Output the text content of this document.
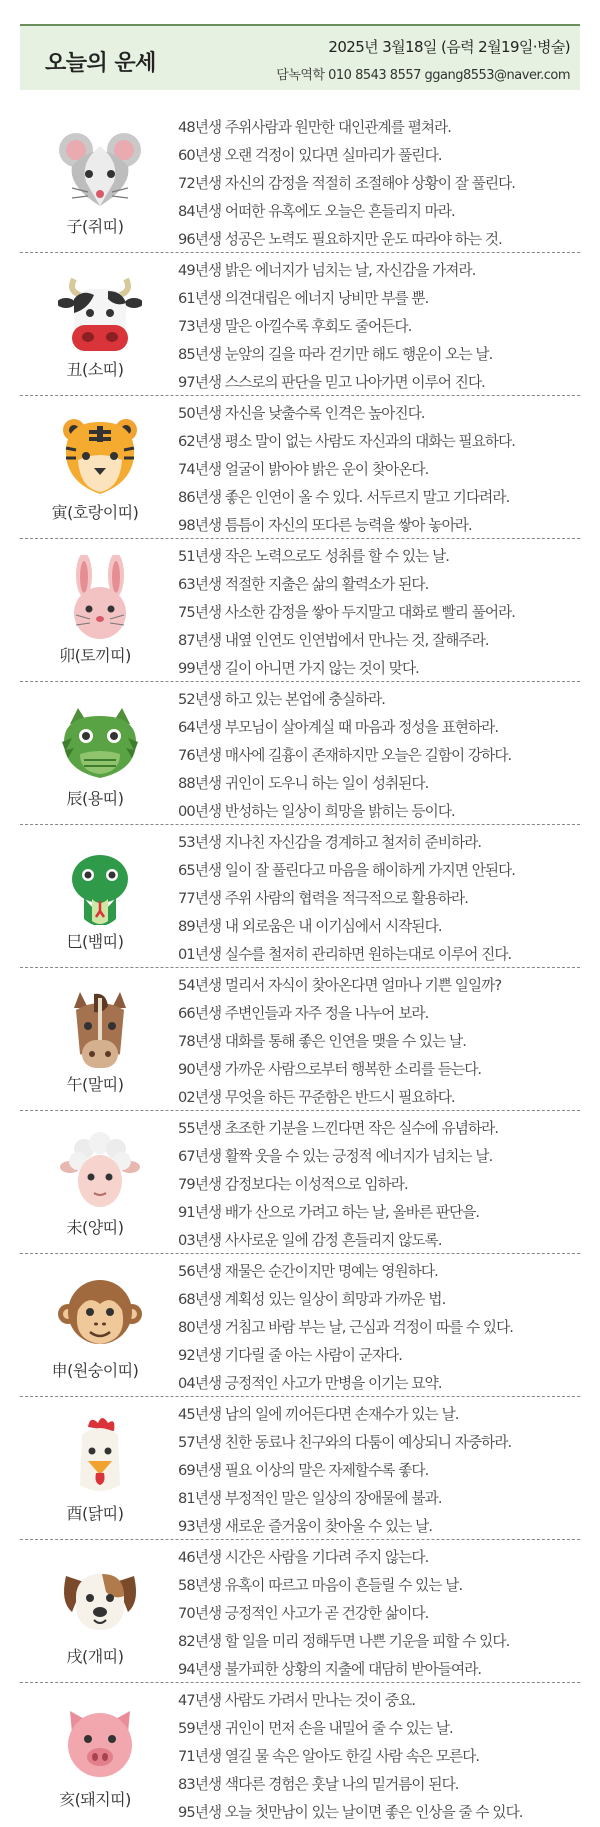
오늘의 운세
2025년 3월18일 (음력 2월19일·병술)
담녹역학 010 8543 8557 ggang8553@naver.com
子(쥐띠)
48년생 주위사람과 원만한 대인관계를 펼쳐라.
60년생 오랜 걱정이 있다면 실마리가 풀린다.
72년생 자신의 감정을 적절히 조절해야 상황이 잘 풀린다.
84년생 어떠한 유혹에도 오늘은 흔들리지 마라.
96년생 성공은 노력도 필요하지만 운도 따라야 하는 것.
丑(소띠)
49년생 밝은 에너지가 넘치는 날, 자신감을 가져라.
61년생 의견대립은 에너지 낭비만 부를 뿐.
73년생 말은 아낄수록 후회도 줄어든다.
85년생 눈앞의 길을 따라 걷기만 해도 행운이 오는 날.
97년생 스스로의 판단을 믿고 나아가면 이루어 진다.
寅(호랑이띠)
50년생 자신을 낮출수록 인격은 높아진다.
62년생 평소 말이 없는 사람도 자신과의 대화는 필요하다.
74년생 얼굴이 밝아야 밝은 운이 찾아온다.
86년생 좋은 인연이 올 수 있다. 서두르지 말고 기다려라.
98년생 틈틈이 자신의 또다른 능력을 쌓아 놓아라.
卯(토끼띠)
51년생 작은 노력으로도 성취를 할 수 있는 날.
63년생 적절한 지출은 삶의 활력소가 된다.
75년생 사소한 감정을 쌓아 두지말고 대화로 빨리 풀어라.
87년생 내옆 인연도 인연법에서 만나는 것, 잘해주라.
99년생 길이 아니면 가지 않는 것이 맞다.
辰(용띠)
52년생 하고 있는 본업에 충실하라.
64년생 부모님이 살아계실 때 마음과 정성을 표현하라.
76년생 매사에 길흉이 존재하지만 오늘은 길함이 강하다.
88년생 귀인이 도우니 하는 일이 성취된다.
00년생 반성하는 일상이 희망을 밝히는 등이다.
巳(뱀띠)
53년생 지나친 자신감을 경계하고 철저히 준비하라.
65년생 일이 잘 풀린다고 마음을 해이하게 가지면 안된다.
77년생 주위 사람의 협력을 적극적으로 활용하라.
89년생 내 외로움은 내 이기심에서 시작된다.
01년생 실수를 철저히 관리하면 원하는대로 이루어 진다.
午(말띠)
54년생 멀리서 자식이 찾아온다면 얼마나 기쁜 일일까?
66년생 주변인들과 자주 정을 나누어 보라.
78년생 대화를 통해 좋은 인연을 맺을 수 있는 날.
90년생 가까운 사람으로부터 행복한 소리를 듣는다.
02년생 무엇을 하든 꾸준함은 반드시 필요하다.
未(양띠)
55년생 초조한 기분을 느낀다면 작은 실수에 유념하라.
67년생 활짝 웃을 수 있는 긍정적 에너지가 넘치는 날.
79년생 감정보다는 이성적으로 임하라.
91년생 배가 산으로 가려고 하는 날, 올바른 판단을.
03년생 사사로운 일에 감정 흔들리지 않도록.
申(원숭이띠)
56년생 재물은 순간이지만 명예는 영원하다.
68년생 계획성 있는 일상이 희망과 가까운 법.
80년생 거침고 바람 부는 날, 근심과 걱정이 따를 수 있다.
92년생 기다릴 줄 아는 사람이 군자다.
04년생 긍정적인 사고가 만병을 이기는 묘약.
酉(닭띠)
45년생 남의 일에 끼어든다면 손재수가 있는 날.
57년생 친한 동료나 친구와의 다툼이 예상되니 자중하라.
69년생 필요 이상의 말은 자제할수록 좋다.
81년생 부정적인 말은 일상의 장애물에 불과.
93년생 새로운 즐거움이 찾아올 수 있는 날.
戌(개띠)
46년생 시간은 사람을 기다려 주지 않는다.
58년생 유혹이 따르고 마음이 흔들릴 수 있는 날.
70년생 긍정적인 사고가 곧 건강한 삶이다.
82년생 할 일을 미리 정해두면 나쁜 기운을 피할 수 있다.
94년생 불가피한 상황의 지출에 대담히 받아들여라.
亥(돼지띠)
47년생 사람도 가려서 만나는 것이 중요.
59년생 귀인이 먼저 손을 내밀어 줄 수 있는 날.
71년생 열길 물 속은 알아도 한길 사람 속은 모른다.
83년생 색다른 경험은 훗날 나의 밑거름이 된다.
95년생 오늘 첫만남이 있는 날이면 좋은 인상을 줄 수 있다.
